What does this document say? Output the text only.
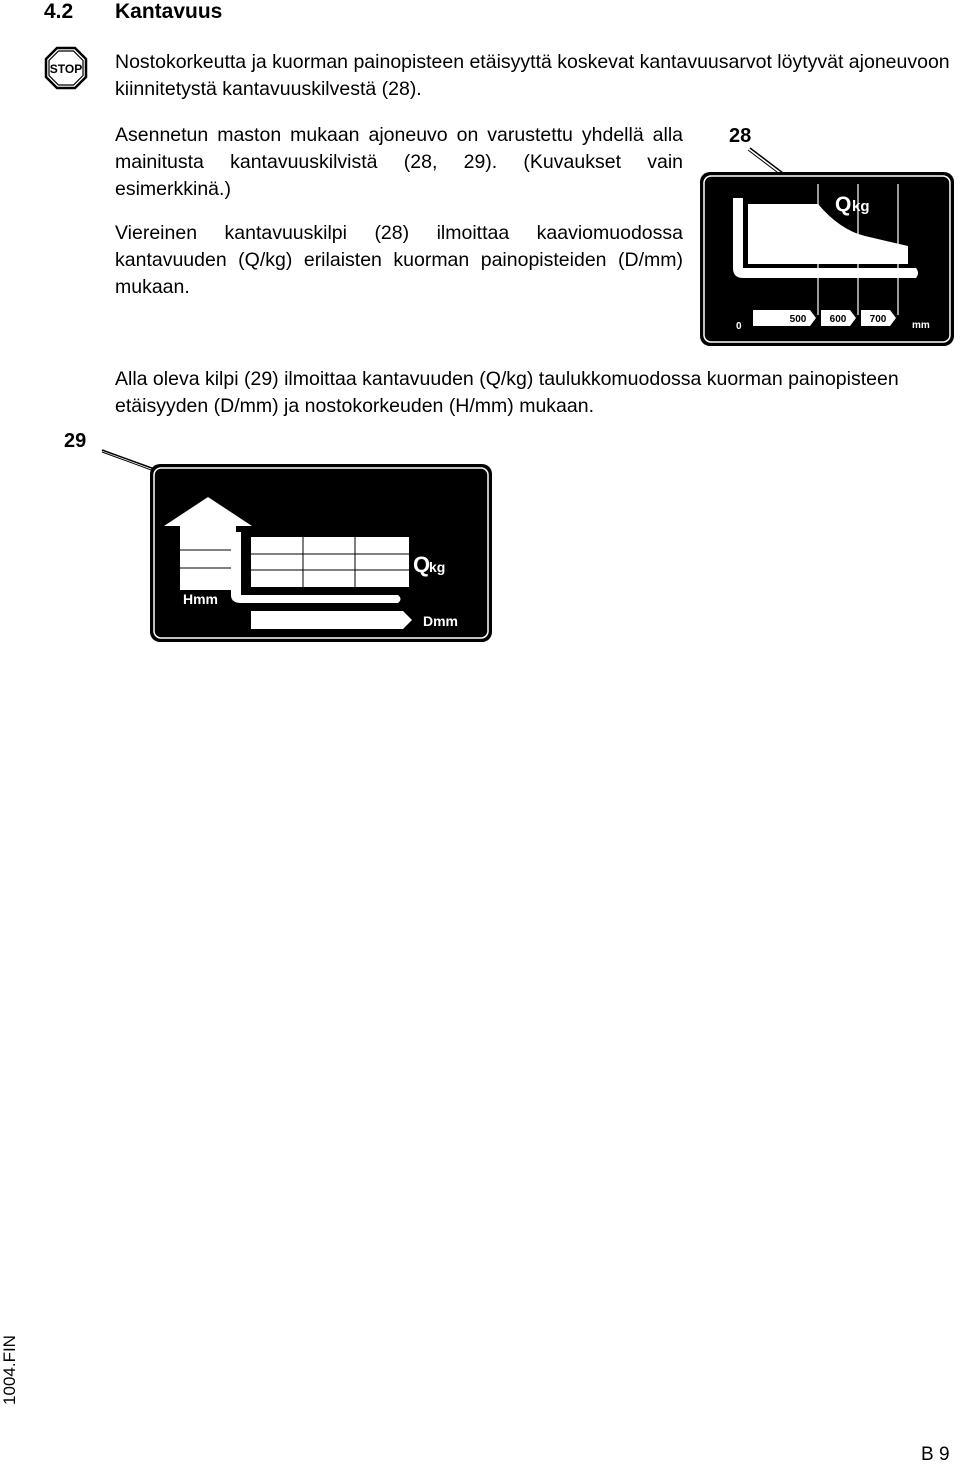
4.2 Kantavuus
STOP Nostokorkeutta ja kuorman painopisteen etäisyyttä koskevat kantavuusarvot löytyvät ajoneuvoon kiinnitetystä kantavuuskilvestä (28).
Asennetun maston mukaan ajoneuvo on varustettu yhdellä alla mainitusta kantavuuskilvistä (28, 29). (Kuvaukset vain esimerkkinä.)
Viereinen kantavuuskilpi (28) ilmoittaa kaaviomuodossa kantavuuden (Q/kg) erilaisten kuorman painopisteiden (D/mm) mukaan.
28
Q kg
0
500 600 700
mm
Alla oleva kilpi (29) ilmoittaa kantavuuden (Q/kg) taulukkomuodossa kuorman painopisteen etäisyyden (D/mm) ja nostokorkeuden (H/mm) mukaan.
29
Q
kg
Hmm
Dmm
1004.FIN
B 9
